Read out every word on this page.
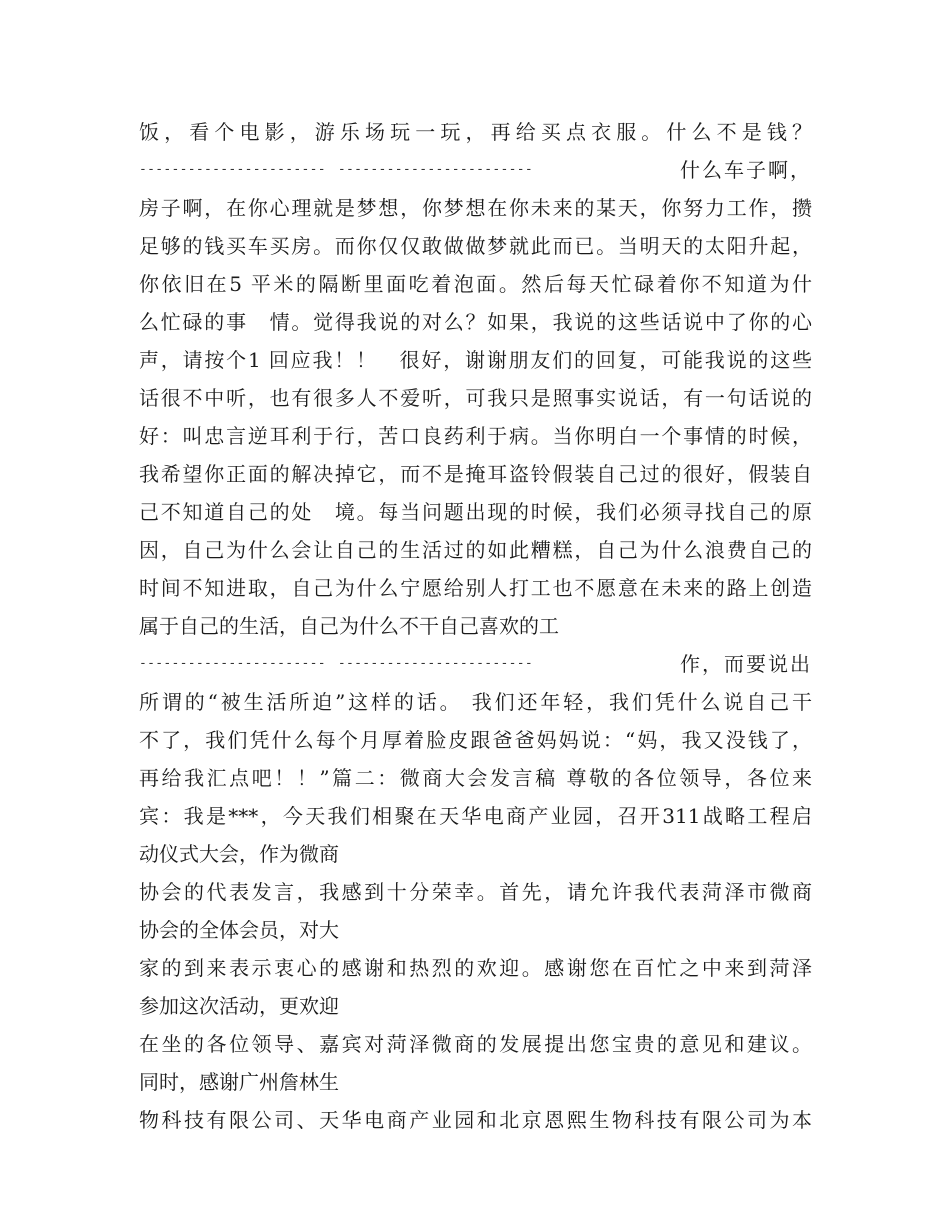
饭，看个电影，游乐场玩一玩，再给买点衣服。什么不是钱？
----------------------- ------------------------	什么车子啊，
房子啊，在你心理就是梦想，你梦想在你未来的某天，你努力工作，攒
足够的钱买车买房。而你仅仅敢做做梦就此而已。当明天的太阳升起，
你依旧在5 平米的隔断里面吃着泡面。然后每天忙碌着你不知道为什
么忙碌的事　情。觉得我说的对么？如果，我说的这些话说中了你的心
声，请按个1 回应我！！　很好，谢谢朋友们的回复，可能我说的这些
话很不中听，也有很多人不爱听，可我只是照事实说话，有一句话说的
好：叫忠言逆耳利于行，苦口良药利于病。当你明白一个事情的时候，
我希望你正面的解决掉它，而不是掩耳盗铃假装自己过的很好，假装自
己不知道自己的处　境。每当问题出现的时候，我们必须寻找自己的原
因，自己为什么会让自己的生活过的如此糟糕，自己为什么浪费自己的
时间不知进取，自己为什么宁愿给别人打工也不愿意在未来的路上创造
属于自己的生活，自己为什么不干自己喜欢的工
----------------------- ------------------------	作，而要说出
所谓的“被生活所迫”这样的话。 我们还年轻，我们凭什么说自己干
不了，我们凭什么每个月厚着脸皮跟爸爸妈妈说：“妈，我又没钱了，
再给我汇点吧！！”篇二：微商大会发言稿 尊敬的各位领导，各位来
宾：我是***，今天我们相聚在天华电商产业园，召开311战略工程启
动仪式大会，作为微商
协会的代表发言，我感到十分荣幸。首先，请允许我代表菏泽市微商
协会的全体会员，对大
家的到来表示衷心的感谢和热烈的欢迎。感谢您在百忙之中来到菏泽
参加这次活动，更欢迎
在坐的各位领导、嘉宾对菏泽微商的发展提出您宝贵的意见和建议。
同时，感谢广州詹林生
物科技有限公司、天华电商产业园和北京恩熙生物科技有限公司为本
